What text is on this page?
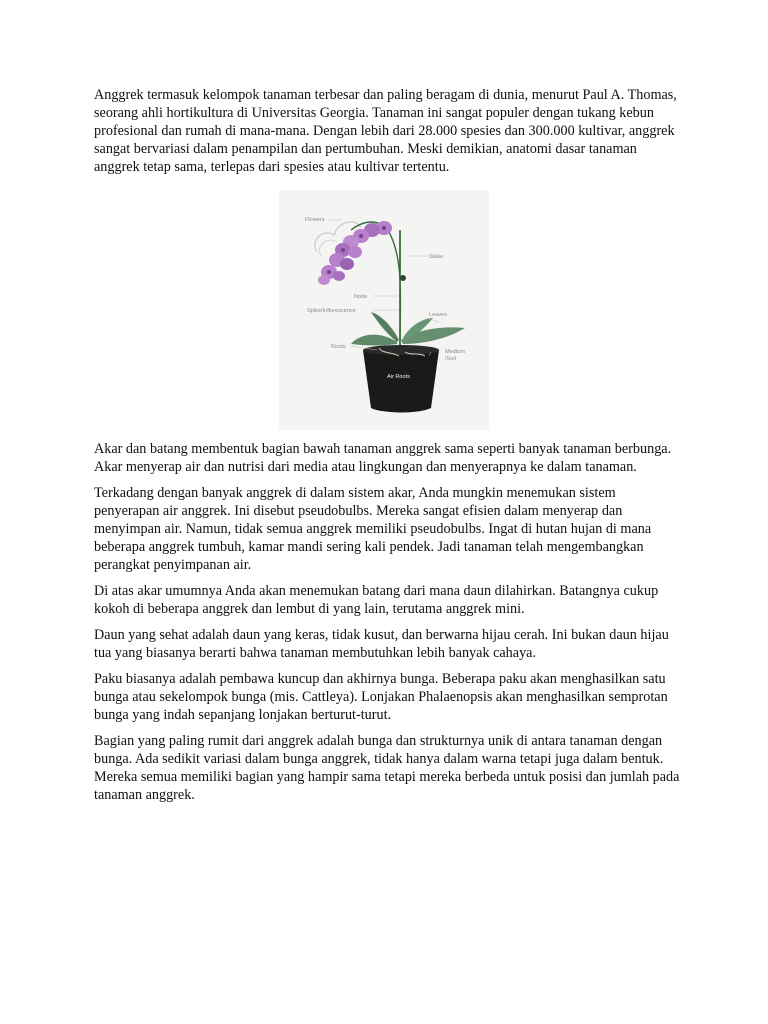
Anggrek termasuk kelompok tanaman terbesar dan paling beragam di dunia, menurut Paul A. Thomas, seorang ahli hortikultura di Universitas Georgia. Tanaman ini sangat populer dengan tukang kebun profesional dan rumah di mana-mana. Dengan lebih dari 28.000 spesies dan 300.000 kultivar, anggrek sangat bervariasi dalam penampilan dan pertumbuhan. Meski demikian, anatomi dasar tanaman anggrek tetap sama, terlepas dari spesies atau kultivar tertentu.

Flowers
Stake
Node
Spike/Inflorescence
Leaves
Roots
Medium
/Soil
Air Roots

Akar dan batang membentuk bagian bawah tanaman anggrek sama seperti banyak tanaman berbunga. Akar menyerap air dan nutrisi dari media atau lingkungan dan menyerapnya ke dalam tanaman.

Terkadang dengan banyak anggrek di dalam sistem akar, Anda mungkin menemukan sistem penyerapan air anggrek. Ini disebut pseudobulbs. Mereka sangat efisien dalam menyerap dan menyimpan air. Namun, tidak semua anggrek memiliki pseudobulbs. Ingat di hutan hujan di mana beberapa anggrek tumbuh, kamar mandi sering kali pendek. Jadi tanaman telah mengembangkan perangkat penyimpanan air.

Di atas akar umumnya Anda akan menemukan batang dari mana daun dilahirkan. Batangnya cukup kokoh di beberapa anggrek dan lembut di yang lain, terutama anggrek mini.

Daun yang sehat adalah daun yang keras, tidak kusut, dan berwarna hijau cerah. Ini bukan daun hijau tua yang biasanya berarti bahwa tanaman membutuhkan lebih banyak cahaya.

Paku biasanya adalah pembawa kuncup dan akhirnya bunga. Beberapa paku akan menghasilkan satu bunga atau sekelompok bunga (mis. Cattleya). Lonjakan Phalaenopsis akan menghasilkan semprotan bunga yang indah sepanjang lonjakan berturut-turut.

Bagian yang paling rumit dari anggrek adalah bunga dan strukturnya unik di antara tanaman dengan bunga. Ada sedikit variasi dalam bunga anggrek, tidak hanya dalam warna tetapi juga dalam bentuk. Mereka semua memiliki bagian yang hampir sama tetapi mereka berbeda untuk posisi dan jumlah pada tanaman anggrek.
